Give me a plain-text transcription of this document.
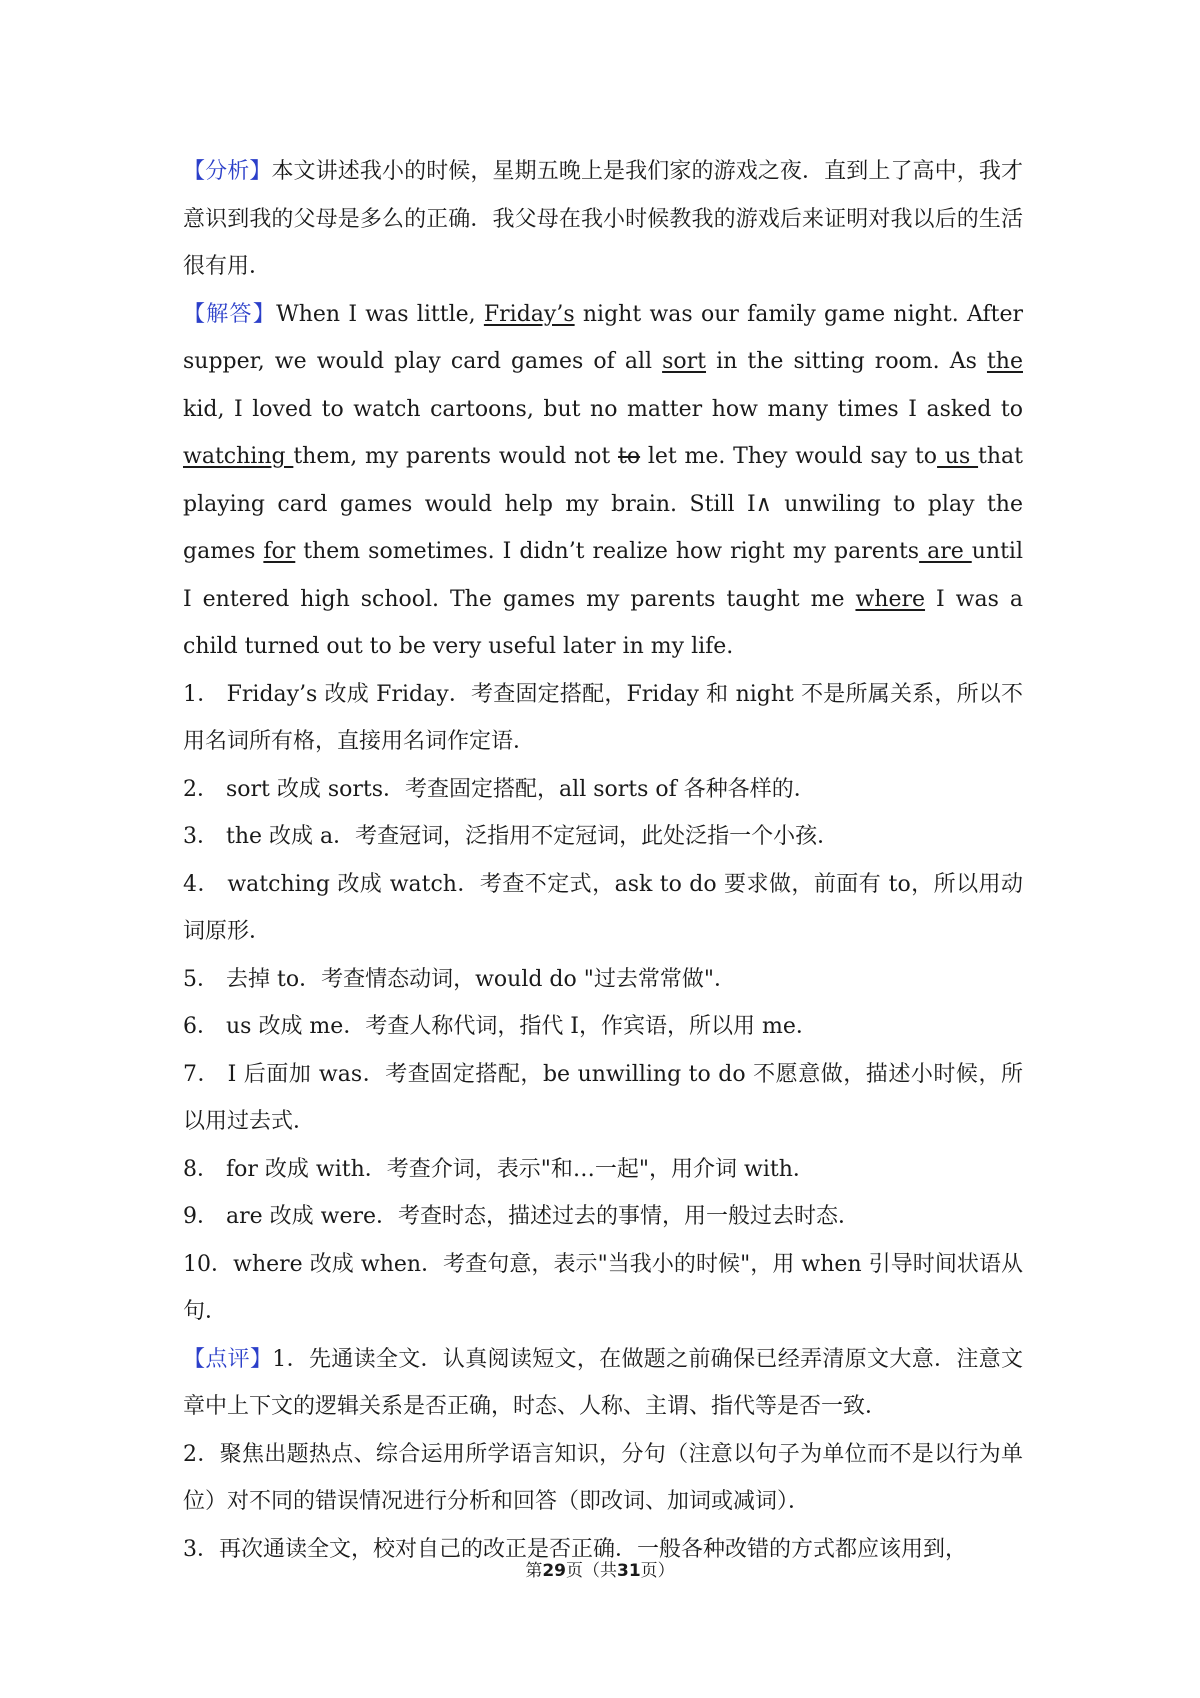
【分析】本文讲述我小的时候，星期五晚上是我们家的游戏之夜．直到上了高中，我才意识到我的父母是多么的正确．我父母在我小时候教我的游戏后来证明对我以后的生活很有用．

【解答】When I was little, Friday’s night was our family game night. After supper, we would play card games of all sort in the sitting room. As the kid, I loved to watch cartoons, but no matter how many times I asked to watching them, my parents would not to let me. They would say to us that playing card games would help my brain. Still I∧ unwiling to play the games for them sometimes. I didn’t realize how right my parents are until I entered high school. The games my parents taught me where I was a child turned out to be very useful later in my life.

1． Friday’s 改成 Friday．考查固定搭配，Friday 和 night 不是所属关系，所以不用名词所有格，直接用名词作定语．

2． sort 改成 sorts．考查固定搭配，all sorts of 各种各样的．

3． the 改成 a．考查冠词，泛指用不定冠词，此处泛指一个小孩．

4． watching 改成 watch．考查不定式，ask to do 要求做，前面有 to，所以用动词原形．

5． 去掉 to．考查情态动词，would do "过去常常做"．

6． us 改成 me．考查人称代词，指代 I，作宾语，所以用 me．

7． I 后面加 was．考查固定搭配，be unwilling to do 不愿意做，描述小时候，所以用过去式．

8． for 改成 with．考查介词，表示"和…一起"，用介词 with．

9． are 改成 were．考查时态，描述过去的事情，用一般过去时态．

10．where 改成 when．考查句意，表示"当我小的时候"，用 when 引导时间状语从句．

【点评】1．先通读全文．认真阅读短文，在做题之前确保已经弄清原文大意．注意文章中上下文的逻辑关系是否正确，时态、人称、主谓、指代等是否一致．

2．聚焦出题热点、综合运用所学语言知识，分句（注意以句子为单位而不是以行为单位）对不同的错误情况进行分析和回答（即改词、加词或减词）．

3．再次通读全文，校对自己的改正是否正确．一般各种改错的方式都应该用到，

第29页（共31页）
